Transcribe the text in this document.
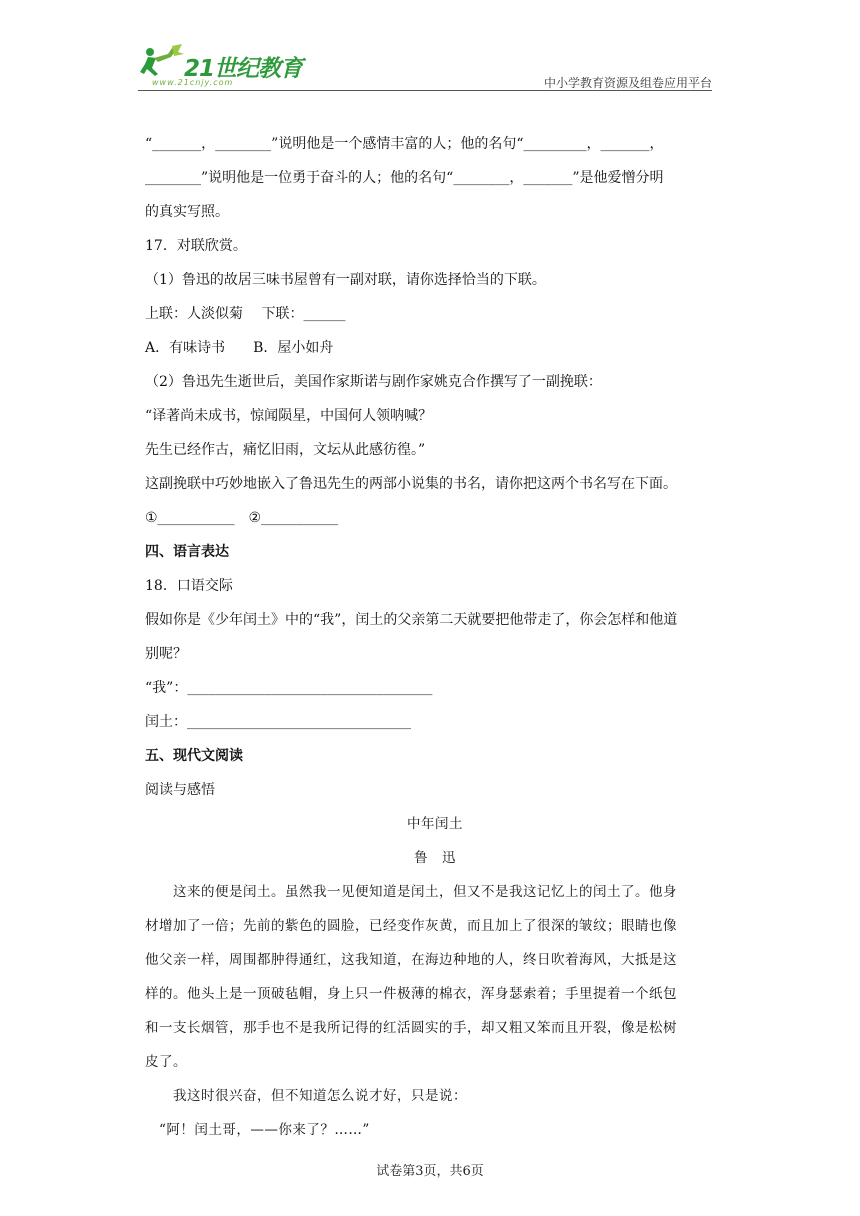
21世纪教育
www.21cnjy.com	中小学教育资源及组卷应用平台
“_______，________”说明他是一个感情丰富的人；他的名句“_________，_______，
________”说明他是一位勇于奋斗的人；他的名句“________，_______”是他爱憎分明
的真实写照。
17．对联欣赏。
（1）鲁迅的故居三味书屋曾有一副对联，请你选择恰当的下联。
上联：人淡似菊　 下联：______
A．有味诗书　　B．屋小如舟
（2）鲁迅先生逝世后，美国作家斯诺与剧作家姚克合作撰写了一副挽联：
“译著尚未成书，惊闻陨星，中国何人领呐喊？
先生已经作古，痛忆旧雨，文坛从此感彷徨。”
这副挽联中巧妙地嵌入了鲁迅先生的两部小说集的书名，请你把这两个书名写在下面。
①___________　②___________
四、语言表达
18．口语交际
假如你是《少年闰土》中的“我”，闰土的父亲第二天就要把他带走了，你会怎样和他道
别呢？
“我”：___________________________________
闰土：________________________________
五、现代文阅读
阅读与感悟
中年闰土
鲁　迅
　　这来的便是闰土。虽然我一见便知道是闰土，但又不是我这记忆上的闰土了。他身
材增加了一倍；先前的紫色的圆脸，已经变作灰黄，而且加上了很深的皱纹；眼睛也像
他父亲一样，周围都肿得通红，这我知道，在海边种地的人，终日吹着海风，大抵是这
样的。他头上是一顶破毡帽，身上只一件极薄的棉衣，浑身瑟索着；手里提着一个纸包
和一支长烟管，那手也不是我所记得的红活圆实的手，却又粗又笨而且开裂，像是松树
皮了。
　　我这时很兴奋，但不知道怎么说才好，只是说：
　“阿！闰土哥，——你来了？……”
试卷第3页，共6页
